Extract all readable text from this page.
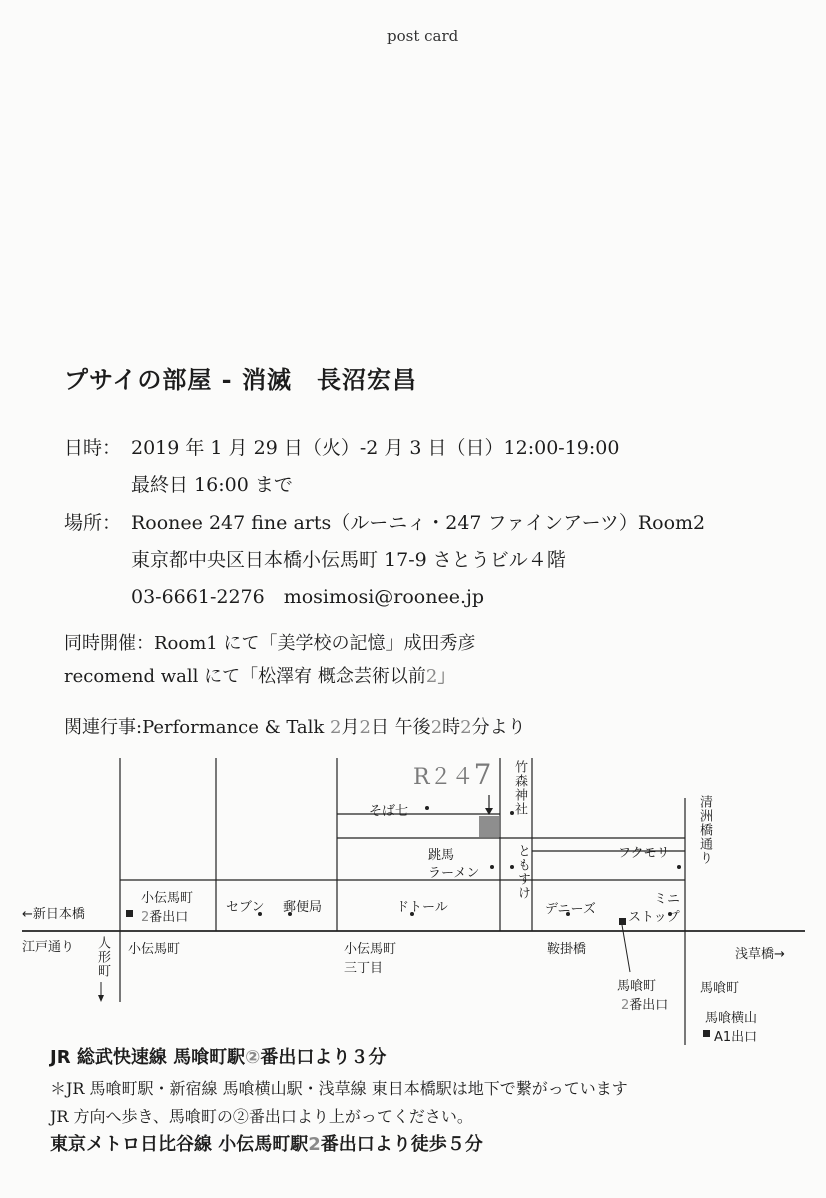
post card
プサイの部屋 - 消滅　長沼宏昌
日時： 2019 年 1 月 29 日（火）-2 月 3 日（日）12:00-19:00
最終日 16:00 まで
場所： Roonee 247 fine arts（ルーニィ・247 ファインアーツ）Room2
東京都中央区日本橋小伝馬町 17-9 さとうビル４階
03-6661-2276　mosimosi@roonee.jp
同時開催：Room1 にて「美学校の記憶」成田秀彦
recomend wall にて「松澤宥 概念芸術以前2」
関連行事:Performance & Talk 2月2日 午後2時2分より
R２４7
そば七	竹森神社
清洲橋通り
跳馬
ラーメン	ともすけ	フクモリ
小伝馬町
2番出口
セブン 郵便局	ドトール	デニーズ
ミニ
ストップ
←新日本橋
江戸通り 人形町 小伝馬町	小伝馬町
三丁目
鞍掛橋	浅草橋→
馬喰町
2番出口
馬喰町
馬喰横山
A1出口
JR 総武快速線 馬喰町駅②番出口より３分
＊JR 馬喰町駅・新宿線 馬喰横山駅・浅草線 東日本橋駅は地下で繋がっています
JR 方向へ歩き、馬喰町の②番出口より上がってください。
東京メトロ日比谷線 小伝馬町駅2番出口より徒歩５分
